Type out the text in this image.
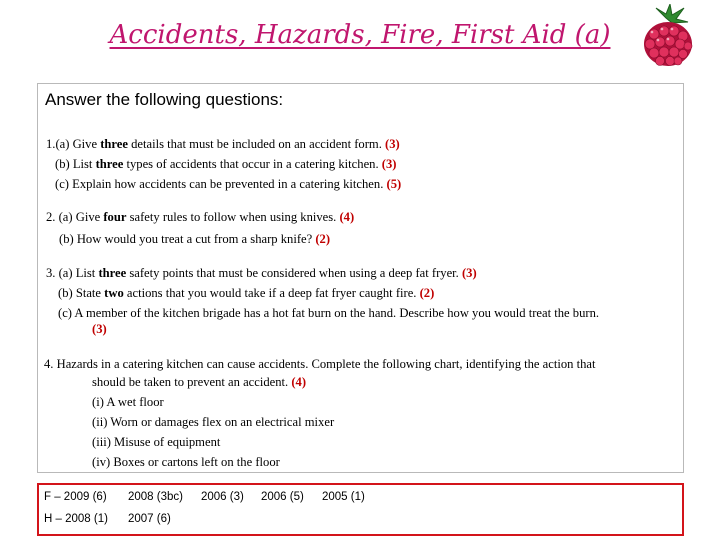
Accidents, Hazards, Fire, First Aid (a)
Answer the following questions:
1.(a) Give three details that must be included on an accident form. (3)
(b) List three types of accidents that occur in a catering kitchen. (3)
(c) Explain how accidents can be prevented in a catering kitchen. (5)
2. (a) Give four safety rules to follow when using knives. (4)
(b) How would you treat a cut from a sharp knife? (2)
3. (a) List three safety points that must be considered when using a deep fat fryer. (3)
(b) State two actions that you would take if a deep fat fryer caught fire. (2)
(c) A member of the kitchen brigade has a hot fat burn on the hand. Describe how you would treat the burn.
(3)
4. Hazards in a catering kitchen can cause accidents. Complete the following chart, identifying the action that
should be taken to prevent an accident. (4)
(i) A wet floor
(ii) Worn or damages flex on an electrical mixer
(iii) Misuse of equipment
(iv) Boxes or cartons left on the floor
F – 2009 (6) 2008 (3bc) 2006 (3) 2006 (5) 2005 (1)
H – 2008 (1) 2007 (6)
